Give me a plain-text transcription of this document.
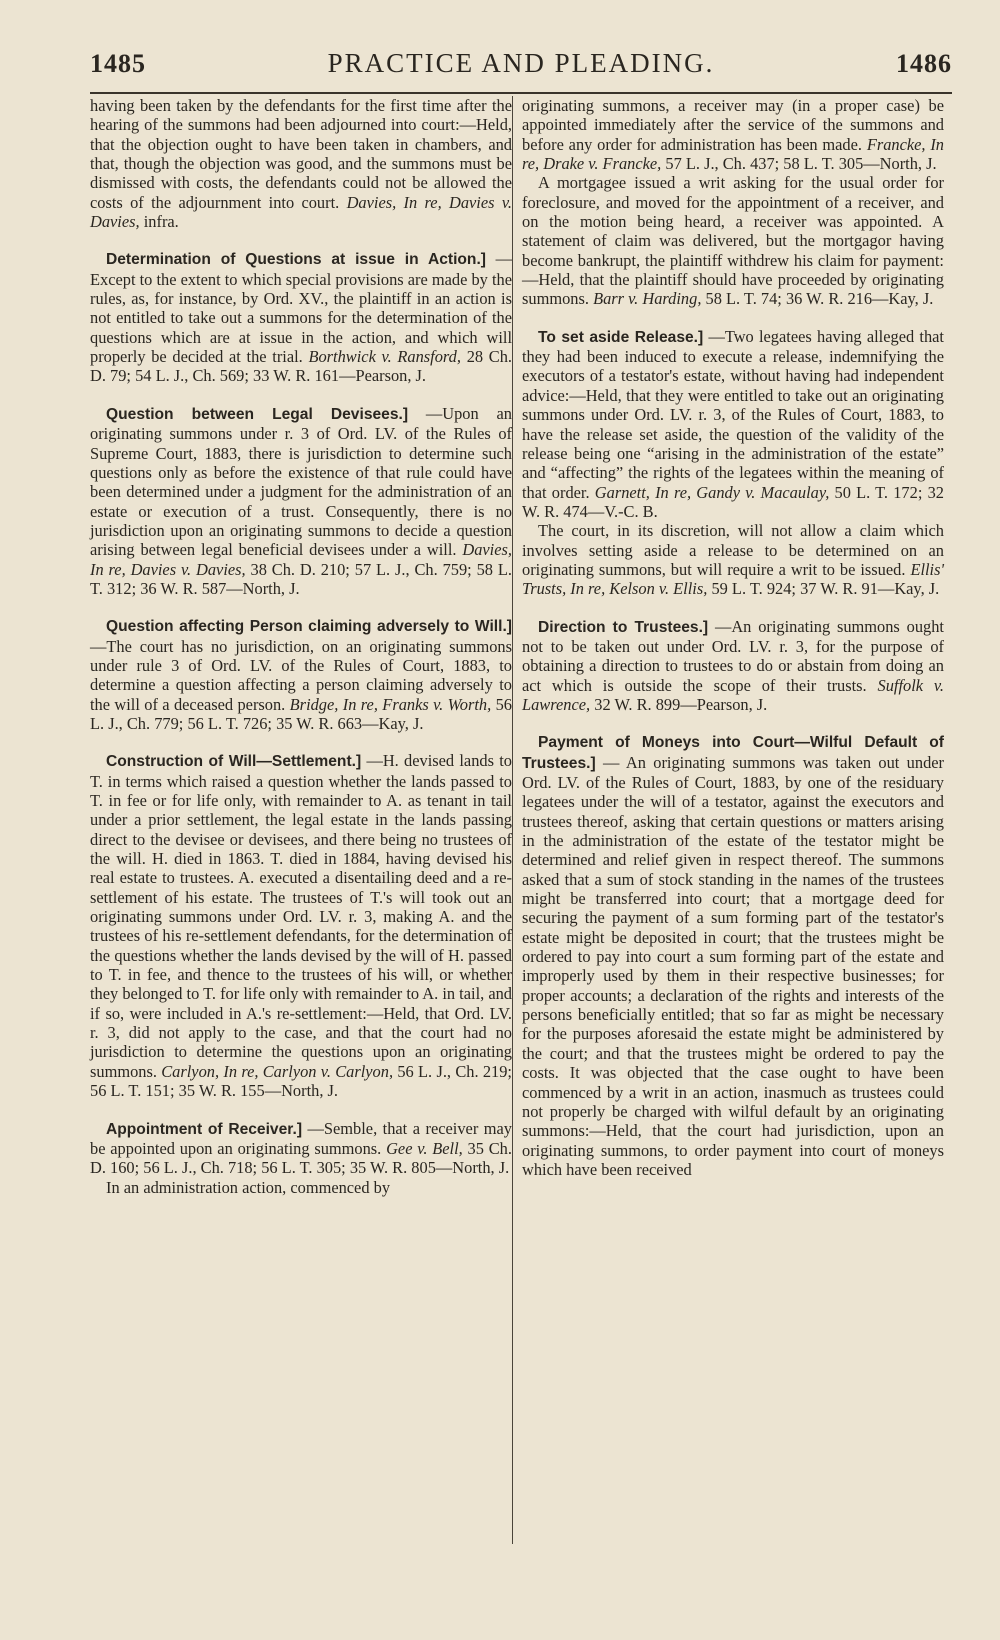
1485	PRACTICE AND PLEADING.	1486

having been taken by the defendants for the first time after the hearing of the summons had been adjourned into court:—Held, that the objection ought to have been taken in chambers, and that, though the objection was good, and the summons must be dismissed with costs, the defendants could not be allowed the costs of the adjournment into court. Davies, In re, Davies v. Davies, infra.

Determination of Questions at issue in Action.] —Except to the extent to which special provisions are made by the rules, as, for instance, by Ord. XV., the plaintiff in an action is not entitled to take out a summons for the determination of the questions which are at issue in the action, and which will properly be decided at the trial. Borthwick v. Ransford, 28 Ch. D. 79; 54 L. J., Ch. 569; 33 W. R. 161—Pearson, J.

Question between Legal Devisees.] —Upon an originating summons under r. 3 of Ord. LV. of the Rules of Supreme Court, 1883, there is jurisdiction to determine such questions only as before the existence of that rule could have been determined under a judgment for the administration of an estate or execution of a trust. Consequently, there is no jurisdiction upon an originating summons to decide a question arising between legal beneficial devisees under a will. Davies, In re, Davies v. Davies, 38 Ch. D. 210; 57 L. J., Ch. 759; 58 L. T. 312; 36 W. R. 587—North, J.

Question affecting Person claiming adversely to Will.] —The court has no jurisdiction, on an originating summons under rule 3 of Ord. LV. of the Rules of Court, 1883, to determine a question affecting a person claiming adversely to the will of a deceased person. Bridge, In re, Franks v. Worth, 56 L. J., Ch. 779; 56 L. T. 726; 35 W. R. 663—Kay, J.

Construction of Will—Settlement.] —H. devised lands to T. in terms which raised a question whether the lands passed to T. in fee or for life only, with remainder to A. as tenant in tail under a prior settlement, the legal estate in the lands passing direct to the devisee or devisees, and there being no trustees of the will. H. died in 1863. T. died in 1884, having devised his real estate to trustees. A. executed a disentailing deed and a re-settlement of his estate. The trustees of T.'s will took out an originating summons under Ord. LV. r. 3, making A. and the trustees of his re-settlement defendants, for the determination of the questions whether the lands devised by the will of H. passed to T. in fee, and thence to the trustees of his will, or whether they belonged to T. for life only with remainder to A. in tail, and if so, were included in A.'s re-settlement:—Held, that Ord. LV. r. 3, did not apply to the case, and that the court had no jurisdiction to determine the questions upon an originating summons. Carlyon, In re, Carlyon v. Carlyon, 56 L. J., Ch. 219; 56 L. T. 151; 35 W. R. 155—North, J.

Appointment of Receiver.] —Semble, that a receiver may be appointed upon an originating summons. Gee v. Bell, 35 Ch. D. 160; 56 L. J., Ch. 718; 56 L. T. 305; 35 W. R. 805—North, J.

In an administration action, commenced by

originating summons, a receiver may (in a proper case) be appointed immediately after the service of the summons and before any order for administration has been made. Francke, In re, Drake v. Francke, 57 L. J., Ch. 437; 58 L. T. 305—North, J.

A mortgagee issued a writ asking for the usual order for foreclosure, and moved for the appointment of a receiver, and on the motion being heard, a receiver was appointed. A statement of claim was delivered, but the mortgagor having become bankrupt, the plaintiff withdrew his claim for payment:—Held, that the plaintiff should have proceeded by originating summons. Barr v. Harding, 58 L. T. 74; 36 W. R. 216—Kay, J.

To set aside Release.] —Two legatees having alleged that they had been induced to execute a release, indemnifying the executors of a testator's estate, without having had independent advice:—Held, that they were entitled to take out an originating summons under Ord. LV. r. 3, of the Rules of Court, 1883, to have the release set aside, the question of the validity of the release being one “arising in the administration of the estate” and “affecting” the rights of the legatees within the meaning of that order. Garnett, In re, Gandy v. Macaulay, 50 L. T. 172; 32 W. R. 474—V.-C. B.

The court, in its discretion, will not allow a claim which involves setting aside a release to be determined on an originating summons, but will require a writ to be issued. Ellis' Trusts, In re, Kelson v. Ellis, 59 L. T. 924; 37 W. R. 91—Kay, J.

Direction to Trustees.] —An originating summons ought not to be taken out under Ord. LV. r. 3, for the purpose of obtaining a direction to trustees to do or abstain from doing an act which is outside the scope of their trusts. Suffolk v. Lawrence, 32 W. R. 899—Pearson, J.

Payment of Moneys into Court—Wilful Default of Trustees.] — An originating summons was taken out under Ord. LV. of the Rules of Court, 1883, by one of the residuary legatees under the will of a testator, against the executors and trustees thereof, asking that certain questions or matters arising in the administration of the estate of the testator might be determined and relief given in respect thereof. The summons asked that a sum of stock standing in the names of the trustees might be transferred into court; that a mortgage deed for securing the payment of a sum forming part of the testator's estate might be deposited in court; that the trustees might be ordered to pay into court a sum forming part of the estate and improperly used by them in their respective businesses; for proper accounts; a declaration of the rights and interests of the persons beneficially entitled; that so far as might be necessary for the purposes aforesaid the estate might be administered by the court; and that the trustees might be ordered to pay the costs. It was objected that the case ought to have been commenced by a writ in an action, inasmuch as trustees could not properly be charged with wilful default by an originating summons:—Held, that the court had jurisdiction, upon an originating summons, to order payment into court of moneys which have been received
